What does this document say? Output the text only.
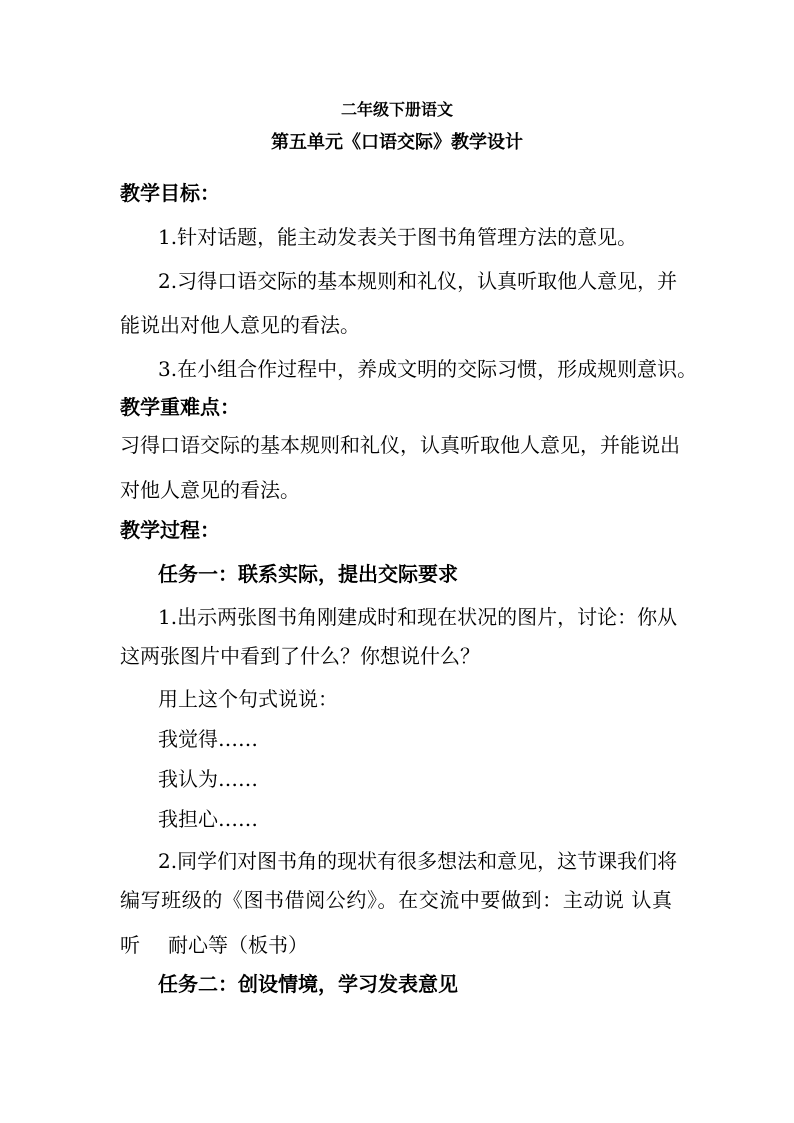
二年级下册语文
第五单元《口语交际》教学设计
教学目标：
1.针对话题，能主动发表关于图书角管理方法的意见。
2.习得口语交际的基本规则和礼仪，认真听取他人意见，并
能说出对他人意见的看法。
3.在小组合作过程中，养成文明的交际习惯，形成规则意识。
教学重难点：
习得口语交际的基本规则和礼仪，认真听取他人意见，并能说出
对他人意见的看法。
教学过程：
任务一：联系实际，提出交际要求
1.出示两张图书角刚建成时和现在状况的图片，讨论：你从
这两张图片中看到了什么？你想说什么？
用上这个句式说说：
我觉得……
我认为……
我担心……
2.同学们对图书角的现状有很多想法和意见，这节课我们将
编写班级的《图书借阅公约》。在交流中要做到：主动说 认真
听 耐心等（板书）
任务二：创设情境，学习发表意见
